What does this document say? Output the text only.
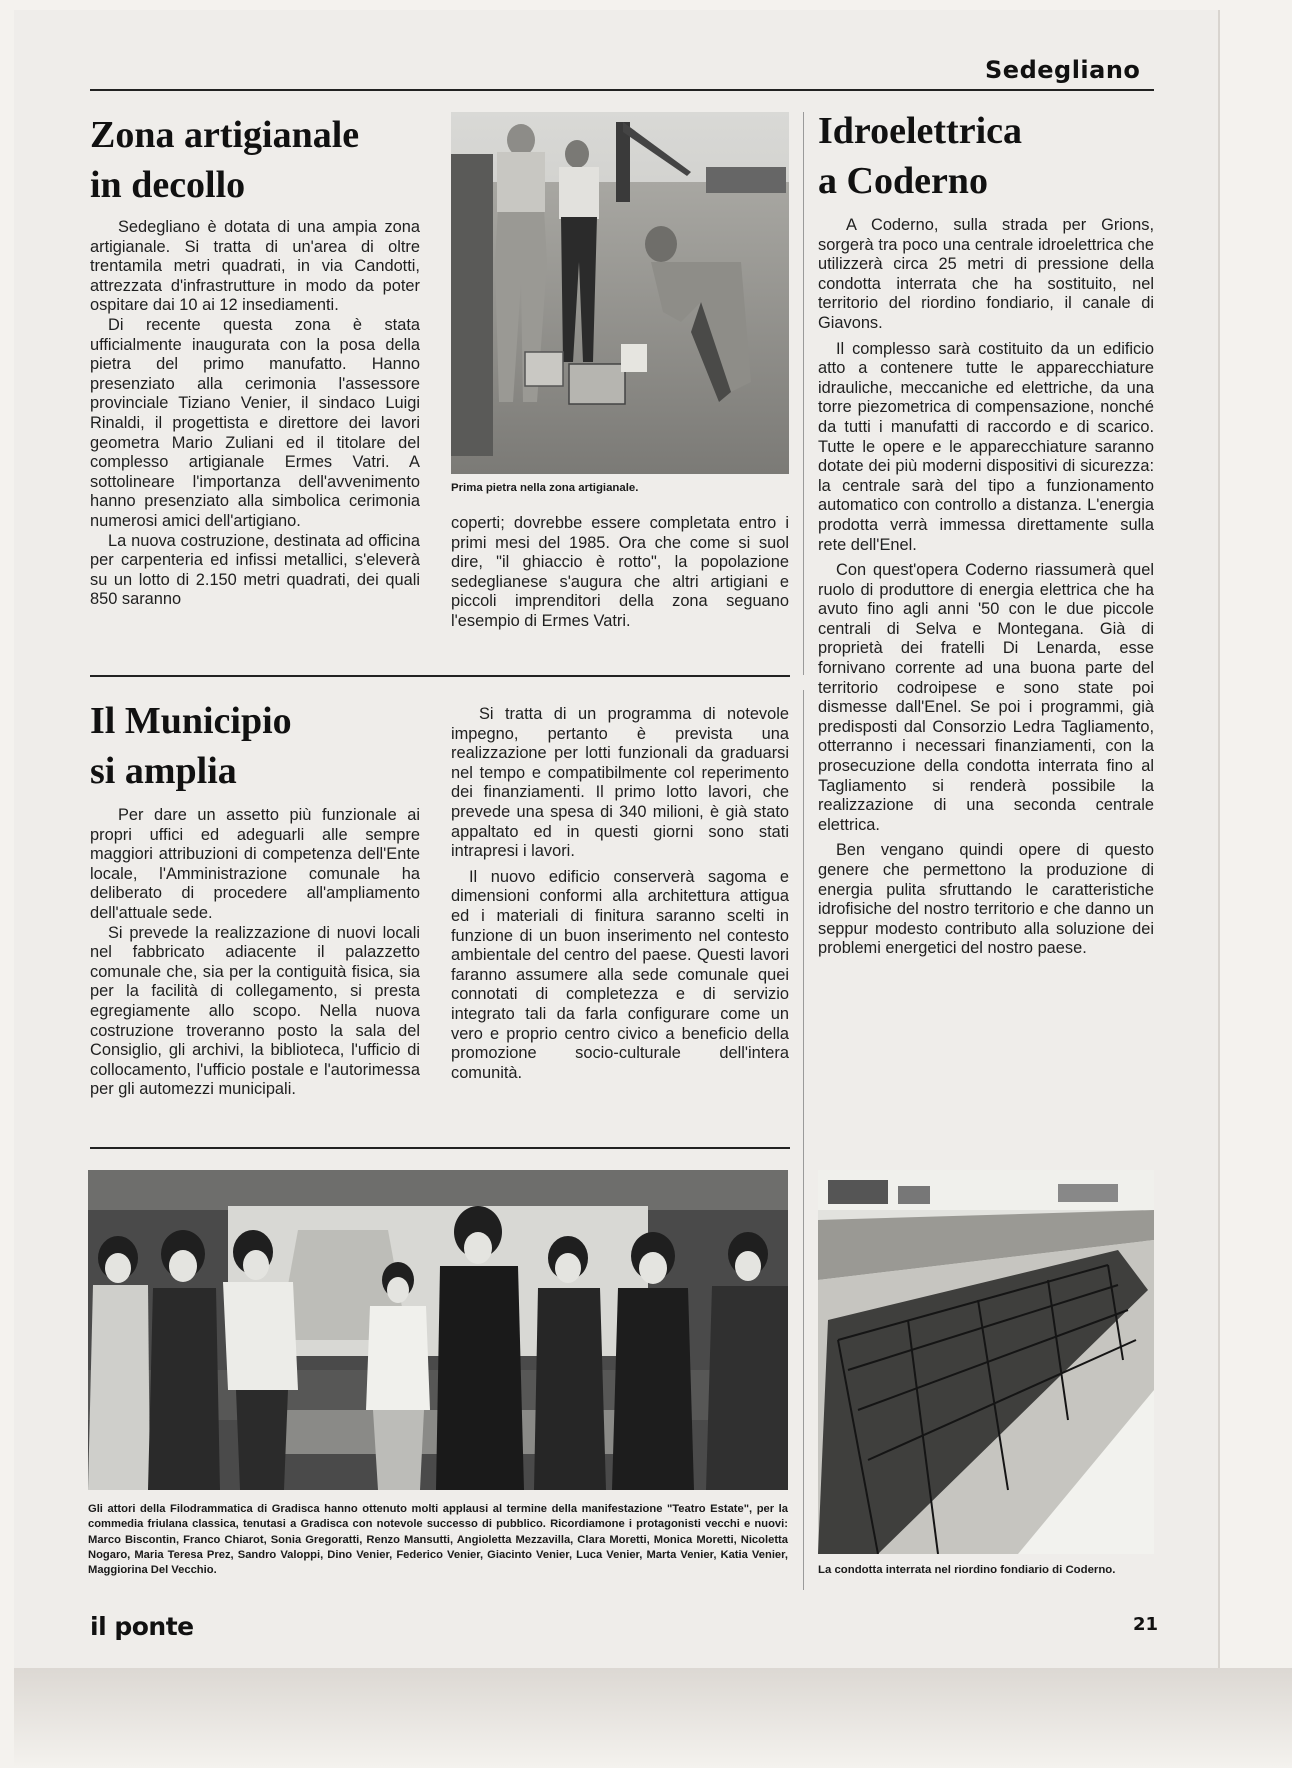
Sedegliano
Zona artigianale
in decollo

Sedegliano è dotata di una ampia zona artigianale. Si tratta di un'area di oltre trentamila metri quadrati, in via Candotti, attrezzata d'infrastrutture in modo da poter ospitare dai 10 ai 12 insediamenti.

Di recente questa zona è stata ufficialmente inaugurata con la posa della pietra del primo manufatto. Hanno presenziato alla cerimonia l'assessore provinciale Tiziano Venier, il sindaco Luigi Rinaldi, il progettista e direttore dei lavori geometra Mario Zuliani ed il titolare del complesso artigianale Ermes Vatri. A sottolineare l'importanza dell'avvenimento hanno presenziato alla simbolica cerimonia numerosi amici dell'artigiano.

La nuova costruzione, destinata ad officina per carpenteria ed infissi metallici, s'eleverà su un lotto di 2.150 metri quadrati, dei quali 850 saranno

Prima pietra nella zona artigianale.

coperti; dovrebbe essere completata entro i primi mesi del 1985. Ora che come si suol dire, "il ghiaccio è rotto", la popolazione sedeglianese s'augura che altri artigiani e piccoli imprenditori della zona seguano l'esempio di Ermes Vatri.

Idroelettrica
a Coderno

A Coderno, sulla strada per Grions, sorgerà tra poco una centrale idroelettrica che utilizzerà circa 25 metri di pressione della condotta interrata che ha sostituito, nel territorio del riordino fondiario, il canale di Giavons.

Il complesso sarà costituito da un edificio atto a contenere tutte le apparecchiature idrauliche, meccaniche ed elettriche, da una torre piezometrica di compensazione, nonché da tutti i manufatti di raccordo e di scarico. Tutte le opere e le apparecchiature saranno dotate dei più moderni dispositivi di sicurezza: la centrale sarà del tipo a funzionamento automatico con controllo a distanza. L'energia prodotta verrà immessa direttamente sulla rete dell'Enel.

Con quest'opera Coderno riassumerà quel ruolo di produttore di energia elettrica che ha avuto fino agli anni '50 con le due piccole centrali di Selva e Montegana. Già di proprietà dei fratelli Di Lenarda, esse fornivano corrente ad una buona parte del territorio codroipese e sono state poi dismesse dall'Enel. Se poi i programmi, già predisposti dal Consorzio Ledra Tagliamento, otterranno i necessari finanziamenti, con la prosecuzione della condotta interrata fino al Tagliamento si renderà possibile la realizzazione di una seconda centrale elettrica.

Ben vengano quindi opere di questo genere che permettono la produzione di energia pulita sfruttando le caratteristiche idrofisiche del nostro territorio e che danno un seppur modesto contributo alla soluzione dei problemi energetici del nostro paese.

Il Municipio
si amplia

Per dare un assetto più funzionale ai propri uffici ed adeguarli alle sempre maggiori attribuzioni di competenza dell'Ente locale, l'Amministrazione comunale ha deliberato di procedere all'ampliamento dell'attuale sede.

Si prevede la realizzazione di nuovi locali nel fabbricato adiacente il palazzetto comunale che, sia per la contiguità fisica, sia per la facilità di collegamento, si presta egregiamente allo scopo. Nella nuova costruzione troveranno posto la sala del Consiglio, gli archivi, la biblioteca, l'ufficio di collocamento, l'ufficio postale e l'autorimessa per gli automezzi municipali.

Si tratta di un programma di notevole impegno, pertanto è prevista una realizzazione per lotti funzionali da graduarsi nel tempo e compatibilmente col reperimento dei finanziamenti. Il primo lotto lavori, che prevede una spesa di 340 milioni, è già stato appaltato ed in questi giorni sono stati intrapresi i lavori.

Il nuovo edificio conserverà sagoma e dimensioni conformi alla architettura attigua ed i materiali di finitura saranno scelti in funzione di un buon inserimento nel contesto ambientale del centro del paese. Questi lavori faranno assumere alla sede comunale quei connotati di completezza e di servizio integrato tali da farla configurare come un vero e proprio centro civico a beneficio della promozione socio-culturale dell'intera comunità.

Gli attori della Filodrammatica di Gradisca hanno ottenuto molti applausi al termine della manifestazione "Teatro Estate", per la commedia friulana classica, tenutasi a Gradisca con notevole successo di pubblico. Ricordiamone i protagonisti vecchi e nuovi: Marco Biscontin, Franco Chiarot, Sonia Gregoratti, Renzo Mansutti, Angioletta Mezzavilla, Clara Moretti, Monica Moretti, Nicoletta Nogaro, Maria Teresa Prez, Sandro Valoppi, Dino Venier, Federico Venier, Giacinto Venier, Luca Venier, Marta Venier, Katia Venier, Maggiorina Del Vecchio.	La condotta interrata nel riordino fondiario di Coderno.

il ponte	21
